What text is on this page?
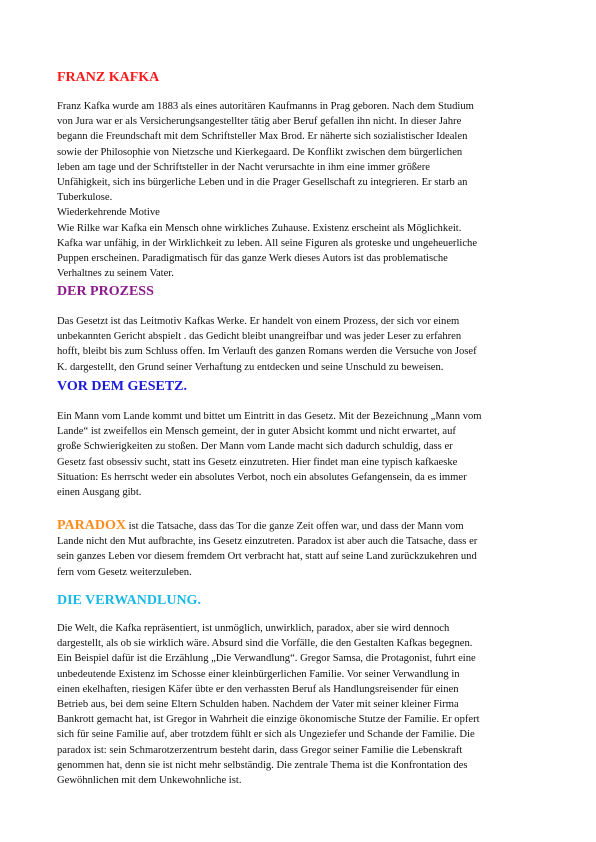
FRANZ KAFKA
Franz Kafka wurde am 1883 als eines autoritären Kaufmanns in Prag geboren. Nach dem Studium
von Jura war er als Versicherungsangestellter tätig aber Beruf gefallen ihn nicht. In dieser Jahre
begann die Freundschaft mit dem Schriftsteller Max Brod. Er näherte sich sozialistischer Idealen
sowie der Philosophie von Nietzsche und Kierkegaard. De Konflikt zwischen dem bürgerlichen
leben am tage und der Schriftsteller in der Nacht verursachte in ihm eine immer größere
Unfähigkeit, sich ins bürgerliche Leben und in die Prager Gesellschaft zu integrieren. Er starb an
Tuberkulose.
Wiederkehrende Motive
Wie Rilke war Kafka ein Mensch ohne wirkliches Zuhause. Existenz erscheint als Möglichkeit.
Kafka war unfähig, in der Wirklichkeit zu leben. All seine Figuren als groteske und ungeheuerliche
Puppen erscheinen. Paradigmatisch für das ganze Werk dieses Autors ist das problematische
Verhaltnes zu seinem Vater.
DER PROZESS
Das Gesetzt ist das Leitmotiv Kafkas Werke. Er handelt von einem Prozess, der sich vor einem
unbekannten Gericht abspielt . das Gedicht bleibt unangreifbar und was jeder Leser zu erfahren
hofft, bleibt bis zum Schluss offen. Im Verlauft des ganzen Romans werden die Versuche von Josef
K. dargestellt, den Grund seiner Verhaftung zu entdecken und seine Unschuld zu beweisen.
VOR DEM GESETZ.
Ein Mann vom Lande kommt und bittet um Eintritt in das Gesetz. Mit der Bezeichnung „Mann vom
Lande“ ist zweifellos ein Mensch gemeint, der in guter Absicht kommt und nicht erwartet, auf
große Schwierigkeiten zu stoßen. Der Mann vom Lande macht sich dadurch schuldig, dass er
Gesetz fast obsessiv sucht, statt ins Gesetz einzutreten. Hier findet man eine typisch kafkaeske
Situation: Es herrscht weder ein absolutes Verbot, noch ein absolutes Gefangensein, da es immer
einen Ausgang gibt.
PARADOX ist die Tatsache, dass das Tor die ganze Zeit offen war, und dass der Mann vom
Lande nicht den Mut aufbrachte, ins Gesetz einzutreten. Paradox ist aber auch die Tatsache, dass er
sein ganzes Leben vor diesem fremdem Ort verbracht hat, statt auf seine Land zurückzukehren und
fern vom Gesetz weiterzuleben.
DIE VERWANDLUNG.
Die Welt, die Kafka repräsentiert, ist unmöglich, unwirklich, paradox, aber sie wird dennoch
dargestellt, als ob sie wirklich wäre. Absurd sind die Vorfälle, die den Gestalten Kafkas begegnen.
Ein Beispiel dafür ist die Erzählung „Die Verwandlung“. Gregor Samsa, die Protagonist, fuhrt eine
unbedeutende Existenz im Schosse einer kleinbürgerlichen Familie. Vor seiner Verwandlung in
einen ekelhaften, riesigen Käfer übte er den verhassten Beruf als Handlungsreisender für einen
Betrieb aus, bei dem seine Eltern Schulden haben. Nachdem der Vater mit seiner kleiner Firma
Bankrott gemacht hat, ist Gregor in Wahrheit die einzige ökonomische Stutze der Familie. Er opfert
sich für seine Familie auf, aber trotzdem fühlt er sich als Ungeziefer und Schande der Familie. Die
paradox ist: sein Schmarotzerzentrum besteht darin, dass Gregor seiner Familie die Lebenskraft
genommen hat, denn sie ist nicht mehr selbständig. Die zentrale Thema ist die Konfrontation des
Gewöhnlichen mit dem Unkewohnliche ist.
